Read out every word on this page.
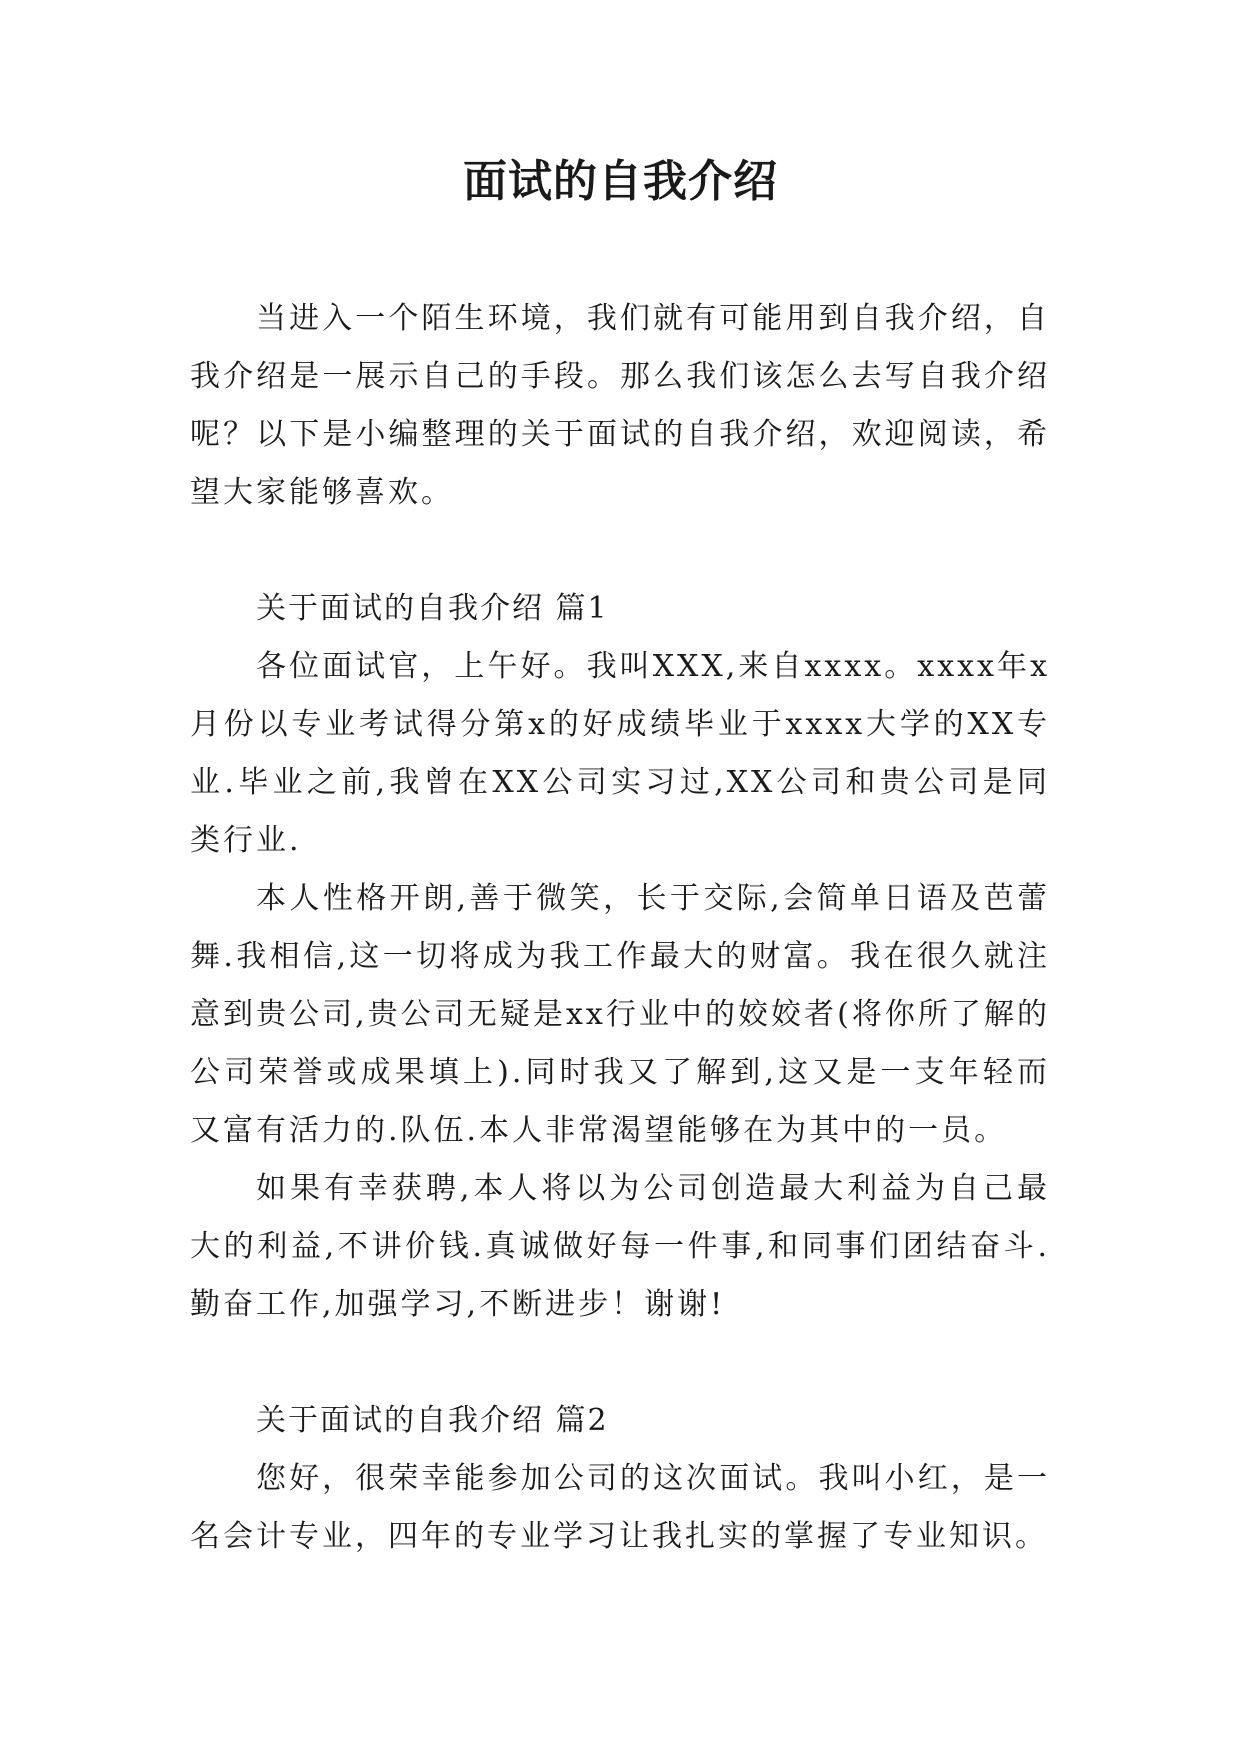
面试的自我介绍

当进入一个陌生环境，我们就有可能用到自我介绍，自我介绍是一展示自己的手段。那么我们该怎么去写自我介绍呢？以下是小编整理的关于面试的自我介绍，欢迎阅读，希望大家能够喜欢。

关于面试的自我介绍 篇1

各位面试官，上午好。我叫XXX,来自xxxx。xxxx年x月份以专业考试得分第x的好成绩毕业于xxxx大学的XX专业.毕业之前,我曾在XX公司实习过,XX公司和贵公司是同类行业.

本人性格开朗,善于微笑，长于交际,会简单日语及芭蕾舞.我相信,这一切将成为我工作最大的财富。我在很久就注意到贵公司,贵公司无疑是xx行业中的姣姣者(将你所了解的公司荣誉或成果填上).同时我又了解到,这又是一支年轻而又富有活力的.队伍.本人非常渴望能够在为其中的一员。

如果有幸获聘,本人将以为公司创造最大利益为自己最大的利益,不讲价钱.真诚做好每一件事,和同事们团结奋斗.勤奋工作,加强学习,不断进步！谢谢!

关于面试的自我介绍 篇2

您好，很荣幸能参加公司的这次面试。我叫小红，是一名会计专业，四年的专业学习让我扎实的掌握了专业知识。
